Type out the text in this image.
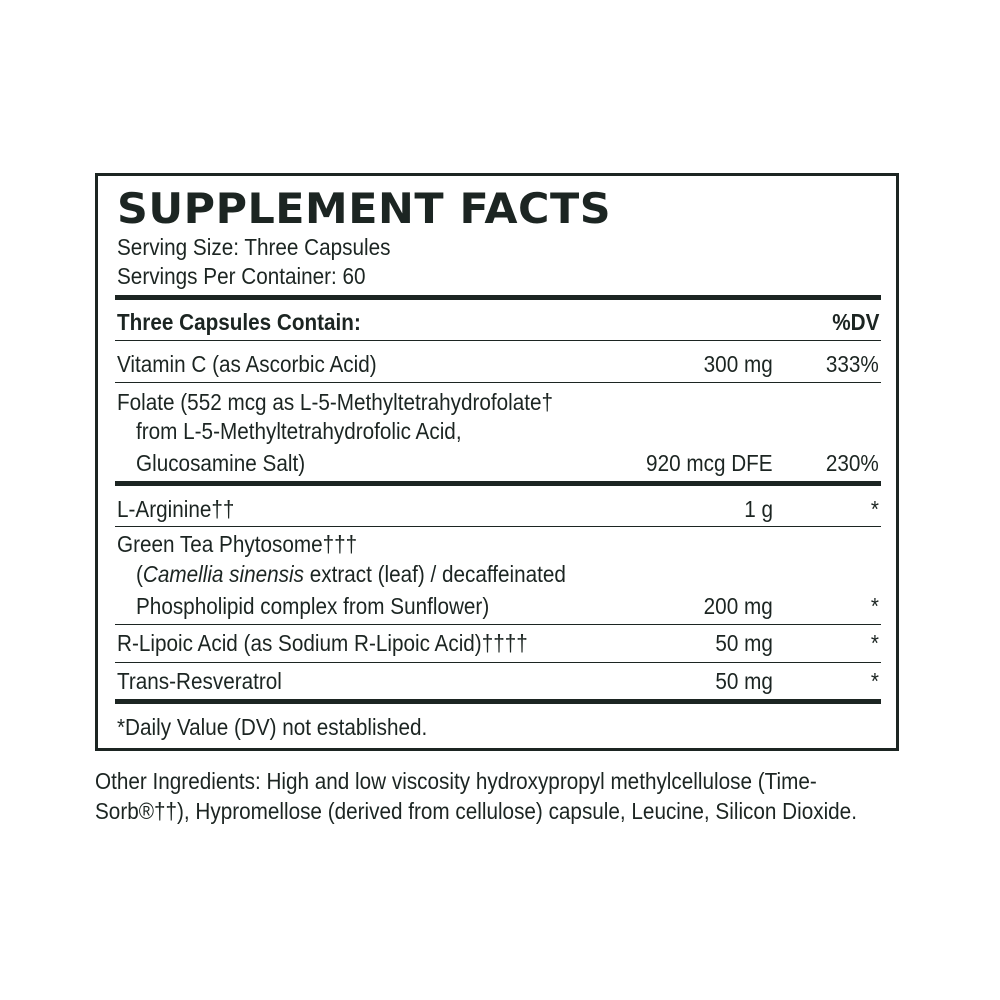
SUPPLEMENT FACTS
Serving Size: Three Capsules
Servings Per Container: 60
Three Capsules Contain:	%DV
Vitamin C (as Ascorbic Acid)	300 mg 333%
Folate (552 mcg as L-5-Methyltetrahydrofolate†
from L-5-Methyltetrahydrofolic Acid,
Glucosamine Salt)	920 mcg DFE 230%
L-Arginine††	1 g	*
Green Tea Phytosome†††
(Camellia sinensis extract (leaf) / decaffeinated
Phospholipid complex from Sunflower)	200 mg	*
R-Lipoic Acid (as Sodium R-Lipoic Acid)††††	50 mg	*
Trans-Resveratrol	50 mg	*
*Daily Value (DV) not established.
Other Ingredients: High and low viscosity hydroxypropyl methylcellulose (Time-
Sorb®††), Hypromellose (derived from cellulose) capsule, Leucine, Silicon Dioxide.
